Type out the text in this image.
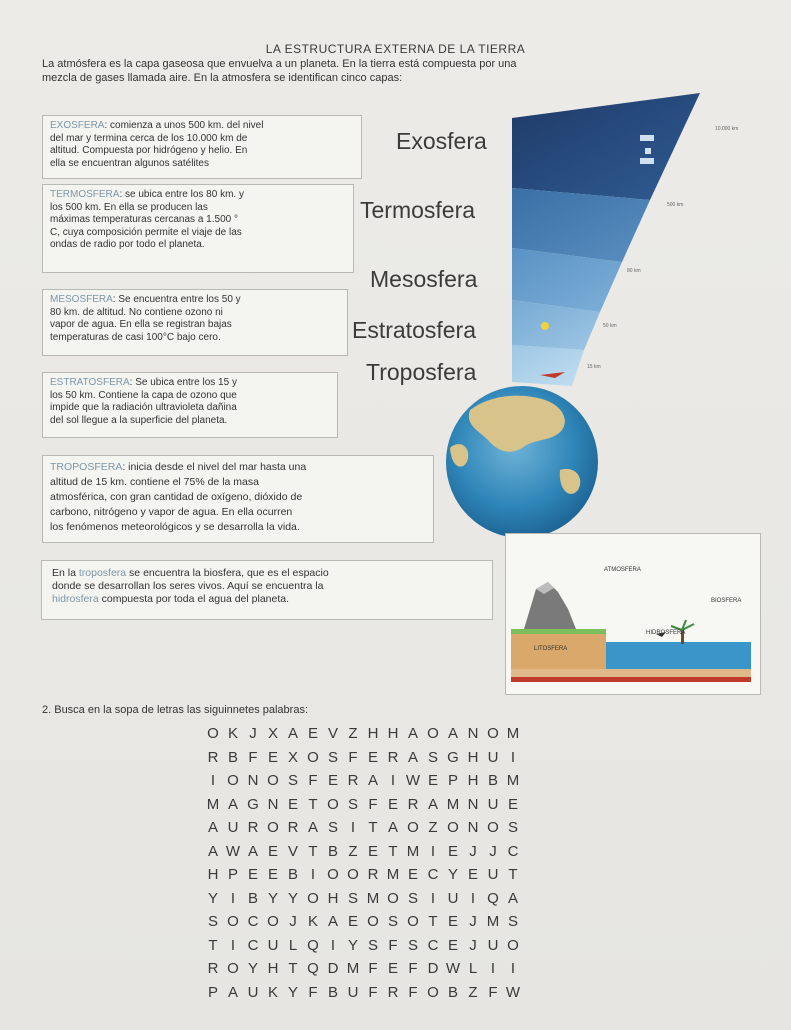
LA ESTRUCTURA EXTERNA DE LA TIERRA
La atmósfera es la capa gaseosa que envuelva a un planeta. En la tierra está compuesta por una
mezcla de gases llamada aire. En la atmosfera se identifican cinco capas:
10.000 km
500 km
80 km
50 km
15 km
Exosfera
Termosfera
Mesosfera
Estratosfera
Troposfera
EXOSFERA: comienza a unos 500 km. del nivel
del mar y termina cerca de los 10.000 km de
altitud. Compuesta por hidrógeno y helio. En
ella se encuentran algunos satélites
TERMOSFERA: se ubica entre los 80 km. y
los 500 km. En ella se producen las
máximas temperaturas cercanas a 1.500 °
C, cuya composición permite el viaje de las
ondas de radio por todo el planeta.
MESOSFERA: Se encuentra entre los 50 y
80 km. de altitud. No contiene ozono ni
vapor de agua. En ella se registran bajas
temperaturas de casi 100°C bajo cero.
ESTRATOSFERA: Se ubica entre los 15 y
los 50 km. Contiene la capa de ozono que
impide que la radiación ultravioleta dañina
del sol llegue a la superficie del planeta.
TROPOSFERA: inicia desde el nivel del mar hasta una
altitud de 15 km. contiene el 75% de la masa
atmosférica, con gran cantidad de oxígeno, dióxido de
carbono, nitrógeno y vapor de agua. En ella ocurren
los fenómenos meteorológicos y se desarrolla la vida.
En la troposfera se encuentra la biosfera, que es el espacio
donde se desarrollan los seres vivos. Aquí se encuentra la
hidrosfera compuesta por toda el agua del planeta.
ATMOSFERA
BIOSFERA
HIDROSFERA
LITOSFERA
2. Busca en la sopa de letras las siguinnetes palabras:
O K J X A E V Z H H A O A N O M
R B F E X O S F E R A S G H U I
I O N O S F E R A I W E P H B M
M A G N E T O S F E R A M N U E
A U R O R A S I T A O Z O N O S
A W A E V T B Z E T M I E J J C
H P E E B I O O R M E C Y E U T
Y I B Y Y O H S M O S I U I Q A
S O C O J K A E O S O T E J M S
T I C U L Q I Y S F S C E J U O
R O Y H T Q D M F E F D W L I I
P A U K Y F B U F R F O B Z F W
